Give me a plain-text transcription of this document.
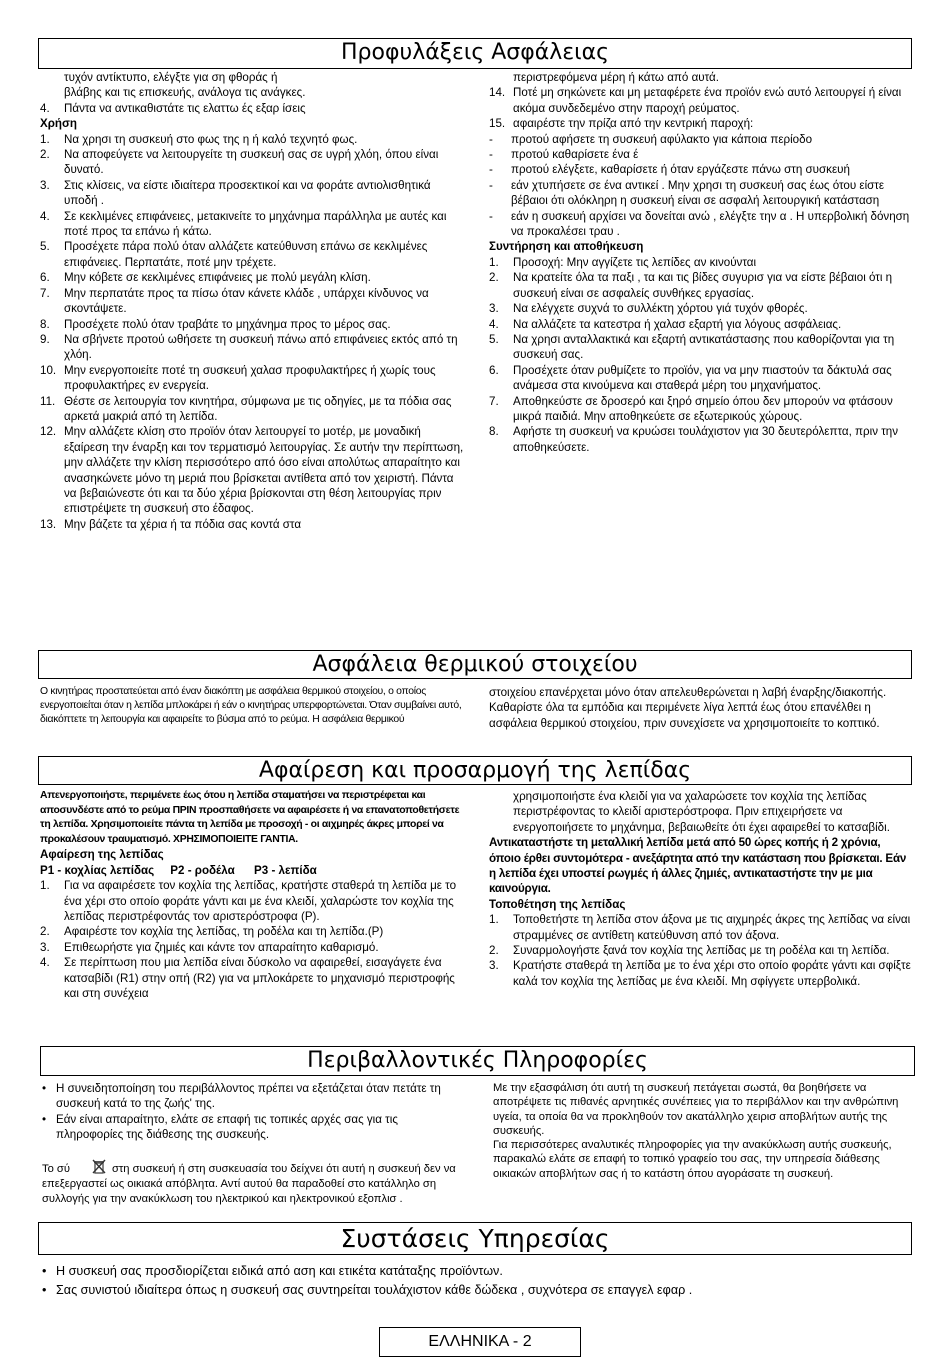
Προφυλάξεις Ασφάλειας
τυχόν αντίκτυπο, ελέγξτε για ση φθοράς ή
βλάβης και τις επισκευής, ανάλογα τις ανάγκες.
4. Πάντα να αντικαθιστάτε τις ελαττω ές εξαρ ίσεις
Χρήση
1. Να χρησι τη συσκευή στο φως της η ή καλό τεχνητό φως.
2. Να αποφεύγετε να λειτουργείτε τη συσκευή σας σε υγρή χλόη, όπου είναι δυνατό.
3. Στις κλίσεις, να είστε ιδιαίτερα προσεκτικοί και να φοράτε αντιολισθητικά υποδή .
4. Σε κεκλιμένες επιφάνειες, μετακινείτε το μηχάνημα παράλληλα με αυτές και ποτέ προς τα επάνω ή κάτω.
5. Προσέχετε πάρα πολύ όταν αλλάζετε κατεύθυνση επάνω σε κεκλιμένες επιφάνειες. Περπατάτε, ποτέ μην τρέχετε.
6. Μην κόβετε σε κεκλιμένες επιφάνειες με πολύ μεγάλη κλίση.
7. Μην περπατάτε προς τα πίσω όταν κάνετε κλάδε , υπάρχει κίνδυνος να σκοντάψετε.
8. Προσέχετε πολύ όταν τραβάτε το μηχάνημα προς το μέρος σας.
9. Να σβήνετε προτού ωθήσετε τη συσκευή πάνω από επιφάνειες εκτός από τη χλόη.
10. Μην ενεργοποιείτε ποτέ τη συσκευή χαλασ προφυλακτήρες ή χωρίς τους προφυλακτήρες εν ενεργεία.
11. Θέστε σε λειτουργία τον κινητήρα, σύμφωνα με τις οδηγίες, με τα πόδια σας αρκετά μακριά από τη λεπίδα.
12. Μην αλλάζετε κλίση στο προϊόν όταν λειτουργεί το μοτέρ, με μοναδική εξαίρεση την έναρξη και τον τερματισμό λειτουργίας. Σε αυτήν την περίπτωση, μην αλλάζετε την κλίση περισσότερο από όσο είναι απολύτως απαραίτητο και ανασηκώνετε μόνο τη μεριά που βρίσκεται αντίθετα από τον χειριστή. Πάντα να βεβαιώνεστε ότι και τα δύο χέρια βρίσκονται στη θέση λειτουργίας πριν επιστρέψετε τη συσκευή στο έδαφος.
13. Μην βάζετε τα χέρια ή τα πόδια σας κοντά στα
περιστρεφόμενα μέρη ή κάτω από αυτά.
14. Ποτέ μη σηκώνετε και μη μεταφέρετε ένα προϊόν ενώ αυτό λειτουργεί ή είναι ακόμα συνδεδεμένο στην παροχή ρεύματος.
15. αφαιρέστε την πρίζα από την κεντρική παροχή:
- προτού αφήσετε τη συσκευή αφύλακτο για κάποια περίοδο
- προτού καθαρίσετε ένα έ
- προτού ελέγξετε, καθαρίσετε ή όταν εργάζεστε πάνω στη συσκευή
- εάν χτυπήσετε σε ένα αντικεί . Μην χρησι τη συσκευή σας έως ότου είστε βέβαιοι ότι ολόκληρη η συσκευή είναι σε ασφαλή λειτουργική κατάσταση
- εάν η συσκευή αρχίσει να δονείται ανώ , ελέγξτε την α . Η υπερβολική δόνηση να προκαλέσει τραυ .
Συντήρηση και αποθήκευση
1. Προσοχή: Μην αγγίζετε τις λεπίδες αν κινούνται
2. Να κρατείτε όλα τα παξι , τα και τις βίδες συγυρισ για να είστε βέβαιοι ότι η συσκευή είναι σε ασφαλείς συνθήκες εργασίας.
3. Να ελέγχετε συχνά το συλλέκτη χόρτου γιά τυχόν φθορές.
4. Να αλλάζετε τα κατεστρα ή χαλασ εξαρτή για λόγους ασφάλειας.
5. Να χρησι ανταλλακτικά και εξαρτή αντικατάστασης που καθορίζονται για τη συσκευή σας.
6. Προσέχετε όταν ρυθμίζετε το προϊόν, για να μην πιαστούν τα δάκτυλά σας ανάμεσα στα κινούμενα και σταθερά μέρη του μηχανήματος.
7. Αποθηκεύστε σε δροσερό και ξηρό σημείο όπου δεν μπορούν να φτάσουν μικρά παιδιά. Μην αποθηκεύετε σε εξωτερικούς χώρους.
8. Αφήστε τη συσκευή να κρυώσει τουλάχιστον για 30 δευτερόλεπτα, πριν την αποθηκεύσετε.
Ασφάλεια θερμικού στοιχείου
Ο κινητήρας προστατεύεται από έναν διακόπτη με ασφάλεια θερμικού στοιχείου, ο οποίος ενεργοποιείται όταν η λεπίδα μπλοκάρει ή εάν ο κινητήρας υπερφορτώνεται. Όταν συμβαίνει αυτό, διακόπτετε τη λειτουργία και αφαιρείτε το βύσμα από το ρεύμα. Η ασφάλεια θερμικού
στοιχείου επανέρχεται μόνο όταν απελευθερώνεται η λαβή έναρξης/διακοπής. Καθαρίστε όλα τα εμπόδια και περιμένετε λίγα λεπτά έως ότου επανέλθει η ασφάλεια θερμικού στοιχείου, πριν συνεχίσετε να χρησιμοποιείτε το κοπτικό.
Αφαίρεση και προσαρμογή της λεπίδας
Απενεργοποιήστε, περιμένετε έως ότου η λεπίδα σταματήσει να περιστρέφεται και αποσυνδέστε από το ρεύμα ΠΡΙΝ προσπαθήσετε να αφαιρέσετε ή να επανατοποθετήσετε τη λεπίδα. Χρησιμοποιείτε πάντα τη λεπίδα με προσοχή - οι αιχμηρές άκρες μπορεί να προκαλέσουν τραυματισμό. ΧΡΗΣΙΜΟΠΟΙΕΙΤΕ ΓΑΝΤΙΑ.
Αφαίρεση της λεπίδας
P1 - κοχλίας λεπίδας     P2 - ροδέλα      P3 - λεπίδα
1. Για να αφαιρέσετε τον κοχλία της λεπίδας, κρατήστε σταθερά τη λεπίδα με το ένα χέρι στο οποίο φοράτε γάντι και με ένα κλειδί, χαλαρώστε τον κοχλία της λεπίδας περιστρέφοντάς τον αριστερόστροφα (P).
2. Αφαιρέστε τον κοχλία της λεπίδας, τη ροδέλα και τη λεπίδα.(P)
3. Επιθεωρήστε για ζημιές και κάντε τον απαραίτητο καθαρισμό.
4. Σε περίπτωση που μια λεπίδα είναι δύσκολο να αφαιρεθεί, εισαγάγετε ένα κατσαβίδι (R1) στην οπή (R2) για να μπλοκάρετε το μηχανισμό περιστροφής και στη συνέχεια
χρησιμοποιήστε ένα κλειδί για να χαλαρώσετε τον κοχλία της λεπίδας περιστρέφοντας το κλειδί αριστερόστροφα. Πριν επιχειρήσετε να ενεργοποιήσετε το μηχάνημα, βεβαιωθείτε ότι έχει αφαιρεθεί το κατσαβίδι.
Αντικαταστήστε τη μεταλλική λεπίδα μετά από 50 ώρες κοπής ή 2 χρόνια, όποιο έρθει συντομότερα - ανεξάρτητα από την κατάσταση που βρίσκεται. Εάν η λεπίδα έχει υποστεί ρωγμές ή άλλες ζημιές, αντικαταστήστε την με μια καινούργια.
Τοποθέτηση της λεπίδας
1. Τοποθετήστε τη λεπίδα στον άξονα με τις αιχμηρές άκρες της λεπίδας να είναι στραμμένες σε αντίθετη κατεύθυνση από τον άξονα.
2. Συναρμολογήστε ξανά τον κοχλία της λεπίδας με τη ροδέλα και τη λεπίδα.
3. Κρατήστε σταθερά τη λεπίδα με το ένα χέρι στο οποίο φοράτε γάντι και σφίξτε καλά τον κοχλία της λεπίδας με ένα κλειδί. Μη σφίγγετε υπερβολικά.
Περιβαλλοντικές Πληροφορίες
• Η συνειδητοποίηση του περιβάλλοντος πρέπει να εξετάζεται όταν πετάτε τη συσκευή κατά το της ζωής' της.
• Εάν είναι απαραίτητο, ελάτε σε επαφή τις τοπικές αρχές σας για τις πληροφορίες της διάθεσης της συσκευής.
Το σύ	στη συσκευή ή στη συσκευασία του δείχνει ότι αυτή η συσκευή δεν να επεξεργαστεί ως οικιακά απόβλητα. Αντί αυτού θα παραδοθεί στο κατάλληλο ση συλλογής για την ανακύκλωση του ηλεκτρικού και ηλεκτρονικού εξοπλισ .
Με την εξασφάλιση ότι αυτή τη συσκευή πετάγεται σωστά, θα βοηθήσετε να αποτρέψετε τις πιθανές αρνητικές συνέπειες για το περιβάλλον και την ανθρώπινη υγεία, τα οποία θα να προκληθούν τον ακατάλληλο χειρισ αποβλήτων αυτής της συσκευής.
Για περισσότερες αναλυτικές πληροφορίες για την ανακύκλωση αυτής συσκευής, παρακαλώ ελάτε σε επαφή το τοπικό γραφείο του σας, την υπηρεσία διάθεσης οικιακών αποβλήτων σας ή το κατάστη όπου αγοράσατε τη συσκευή.
Συστάσεις Υπηρεσίας
• Η συσκευή σας προσδιορίζεται ειδικά από αση και ετικέτα κατάταξης προϊόντων.
• Σας συνιστού ιδιαίτερα όπως η συσκευή σας συντηρείται τουλάχιστον κάθε δώδεκα , συχνότερα σε επαγγελ εφαρ .
ΕΛΛΗΝΙΚΑ - 2
